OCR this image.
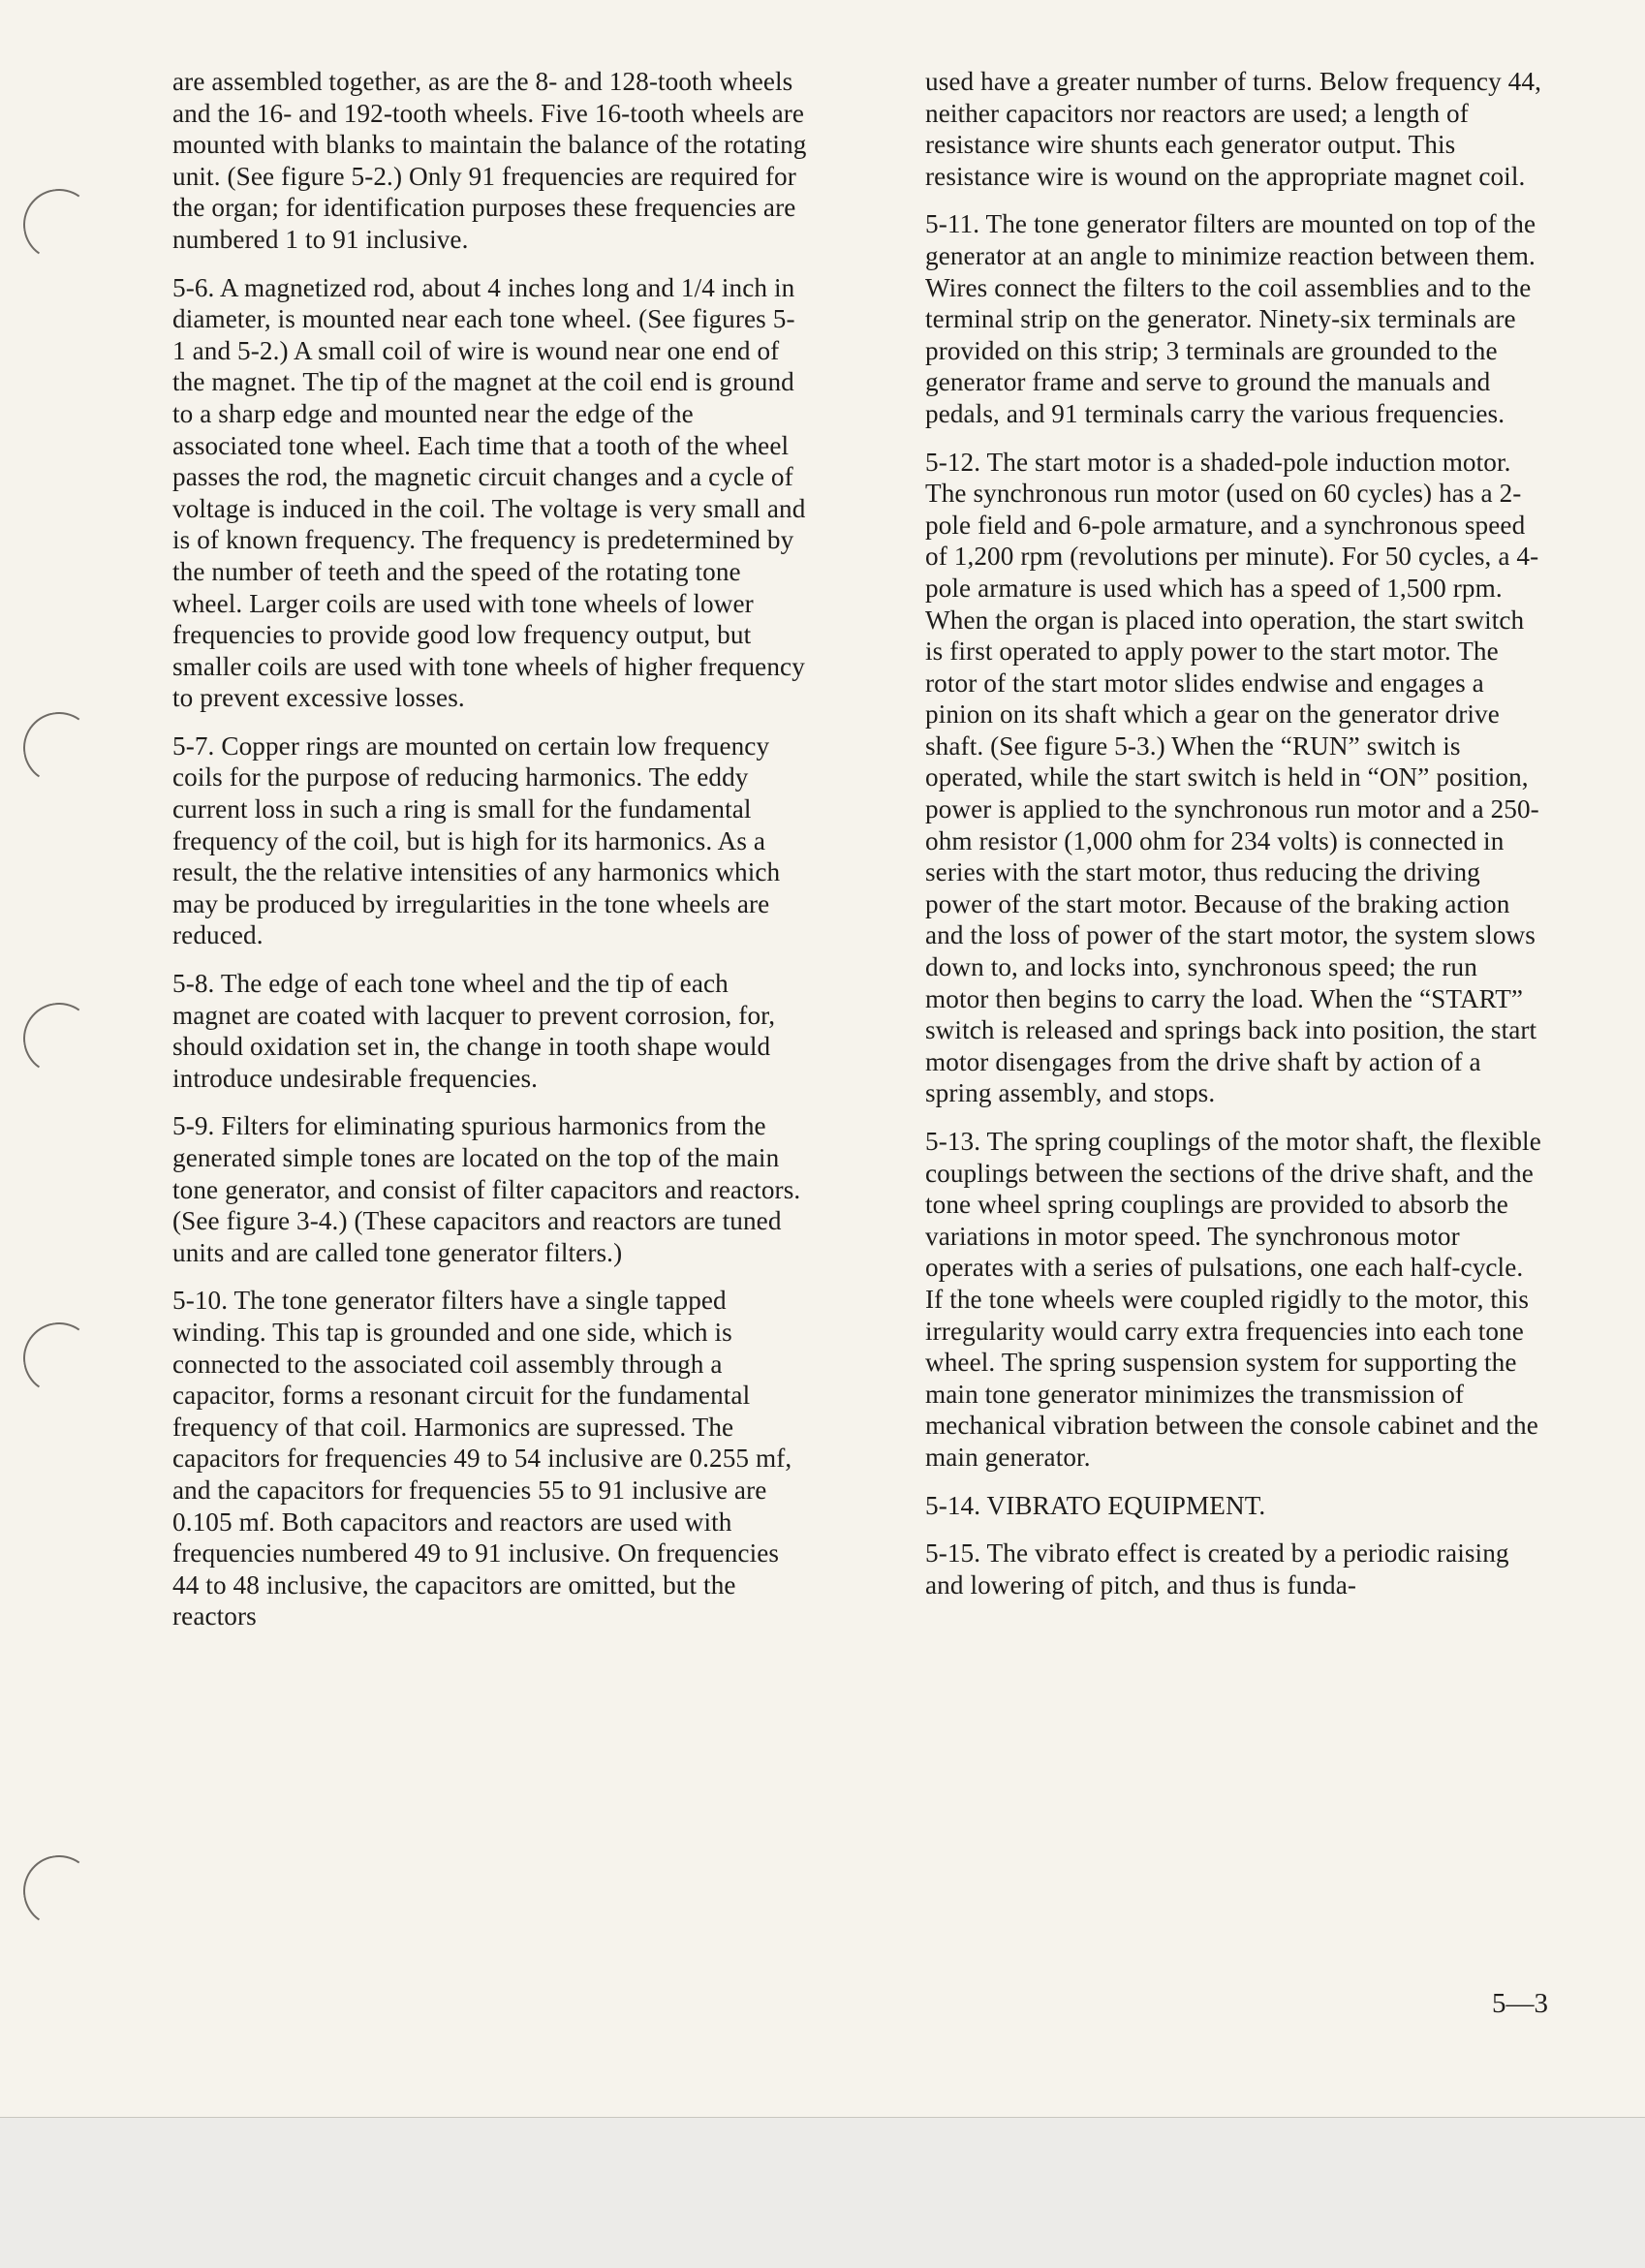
are assembled together, as are the 8- and 128-tooth wheels and the 16- and 192-tooth wheels. Five 16-tooth wheels are mounted with blanks to maintain the balance of the rotating unit. (See figure 5-2.) Only 91 frequencies are required for the organ; for identification purposes these frequencies are numbered 1 to 91 inclusive.

5-6. A magnetized rod, about 4 inches long and 1/4 inch in diameter, is mounted near each tone wheel. (See figures 5-1 and 5-2.) A small coil of wire is wound near one end of the magnet. The tip of the magnet at the coil end is ground to a sharp edge and mounted near the edge of the associated tone wheel. Each time that a tooth of the wheel passes the rod, the magnetic circuit changes and a cycle of voltage is induced in the coil. The voltage is very small and is of known frequency. The frequency is predetermined by the number of teeth and the speed of the rotating tone wheel. Larger coils are used with tone wheels of lower frequencies to provide good low frequency output, but smaller coils are used with tone wheels of higher frequency to prevent excessive losses.

5-7. Copper rings are mounted on certain low frequency coils for the purpose of reducing harmonics. The eddy current loss in such a ring is small for the fundamental frequency of the coil, but is high for its harmonics. As a result, the the relative intensities of any harmonics which may be produced by irregularities in the tone wheels are reduced.

5-8. The edge of each tone wheel and the tip of each magnet are coated with lacquer to prevent corrosion, for, should oxidation set in, the change in tooth shape would introduce undesirable frequencies.

5-9. Filters for eliminating spurious harmonics from the generated simple tones are located on the top of the main tone generator, and consist of filter capacitors and reactors. (See figure 3-4.) (These capacitors and reactors are tuned units and are called tone generator filters.)

5-10. The tone generator filters have a single tapped winding. This tap is grounded and one side, which is connected to the associated coil assembly through a capacitor, forms a resonant circuit for the fundamental frequency of that coil. Harmonics are supressed. The capacitors for frequencies 49 to 54 inclusive are 0.255 mf, and the capacitors for frequencies 55 to 91 inclusive are 0.105 mf. Both capacitors and reactors are used with frequencies numbered 49 to 91 inclusive. On frequencies 44 to 48 inclusive, the capacitors are omitted, but the reactors

used have a greater number of turns. Below frequency 44, neither capacitors nor reactors are used; a length of resistance wire shunts each generator output. This resistance wire is wound on the appropriate magnet coil.

5-11. The tone generator filters are mounted on top of the generator at an angle to minimize reaction between them. Wires connect the filters to the coil assemblies and to the terminal strip on the generator. Ninety-six terminals are provided on this strip; 3 terminals are grounded to the generator frame and serve to ground the manuals and pedals, and 91 terminals carry the various frequencies.

5-12. The start motor is a shaded-pole induction motor. The synchronous run motor (used on 60 cycles) has a 2-pole field and 6-pole armature, and a synchronous speed of 1,200 rpm (revolutions per minute). For 50 cycles, a 4-pole armature is used which has a speed of 1,500 rpm. When the organ is placed into operation, the start switch is first operated to apply power to the start motor. The rotor of the start motor slides endwise and engages a pinion on its shaft which a gear on the generator drive shaft. (See figure 5-3.) When the “RUN” switch is operated, while the start switch is held in “ON” position, power is applied to the synchronous run motor and a 250-ohm resistor (1,000 ohm for 234 volts) is connected in series with the start motor, thus reducing the driving power of the start motor. Because of the braking action and the loss of power of the start motor, the system slows down to, and locks into, synchronous speed; the run motor then begins to carry the load. When the “START” switch is released and springs back into position, the start motor disengages from the drive shaft by action of a spring assembly, and stops.

5-13. The spring couplings of the motor shaft, the flexible couplings between the sections of the drive shaft, and the tone wheel spring couplings are provided to absorb the variations in motor speed. The synchronous motor operates with a series of pulsations, one each half-cycle. If the tone wheels were coupled rigidly to the motor, this irregularity would carry extra frequencies into each tone wheel. The spring suspension system for supporting the main tone generator minimizes the transmission of mechanical vibration between the console cabinet and the main generator.

5-14. VIBRATO EQUIPMENT.

5-15. The vibrato effect is created by a periodic raising and lowering of pitch, and thus is funda-

5—3
